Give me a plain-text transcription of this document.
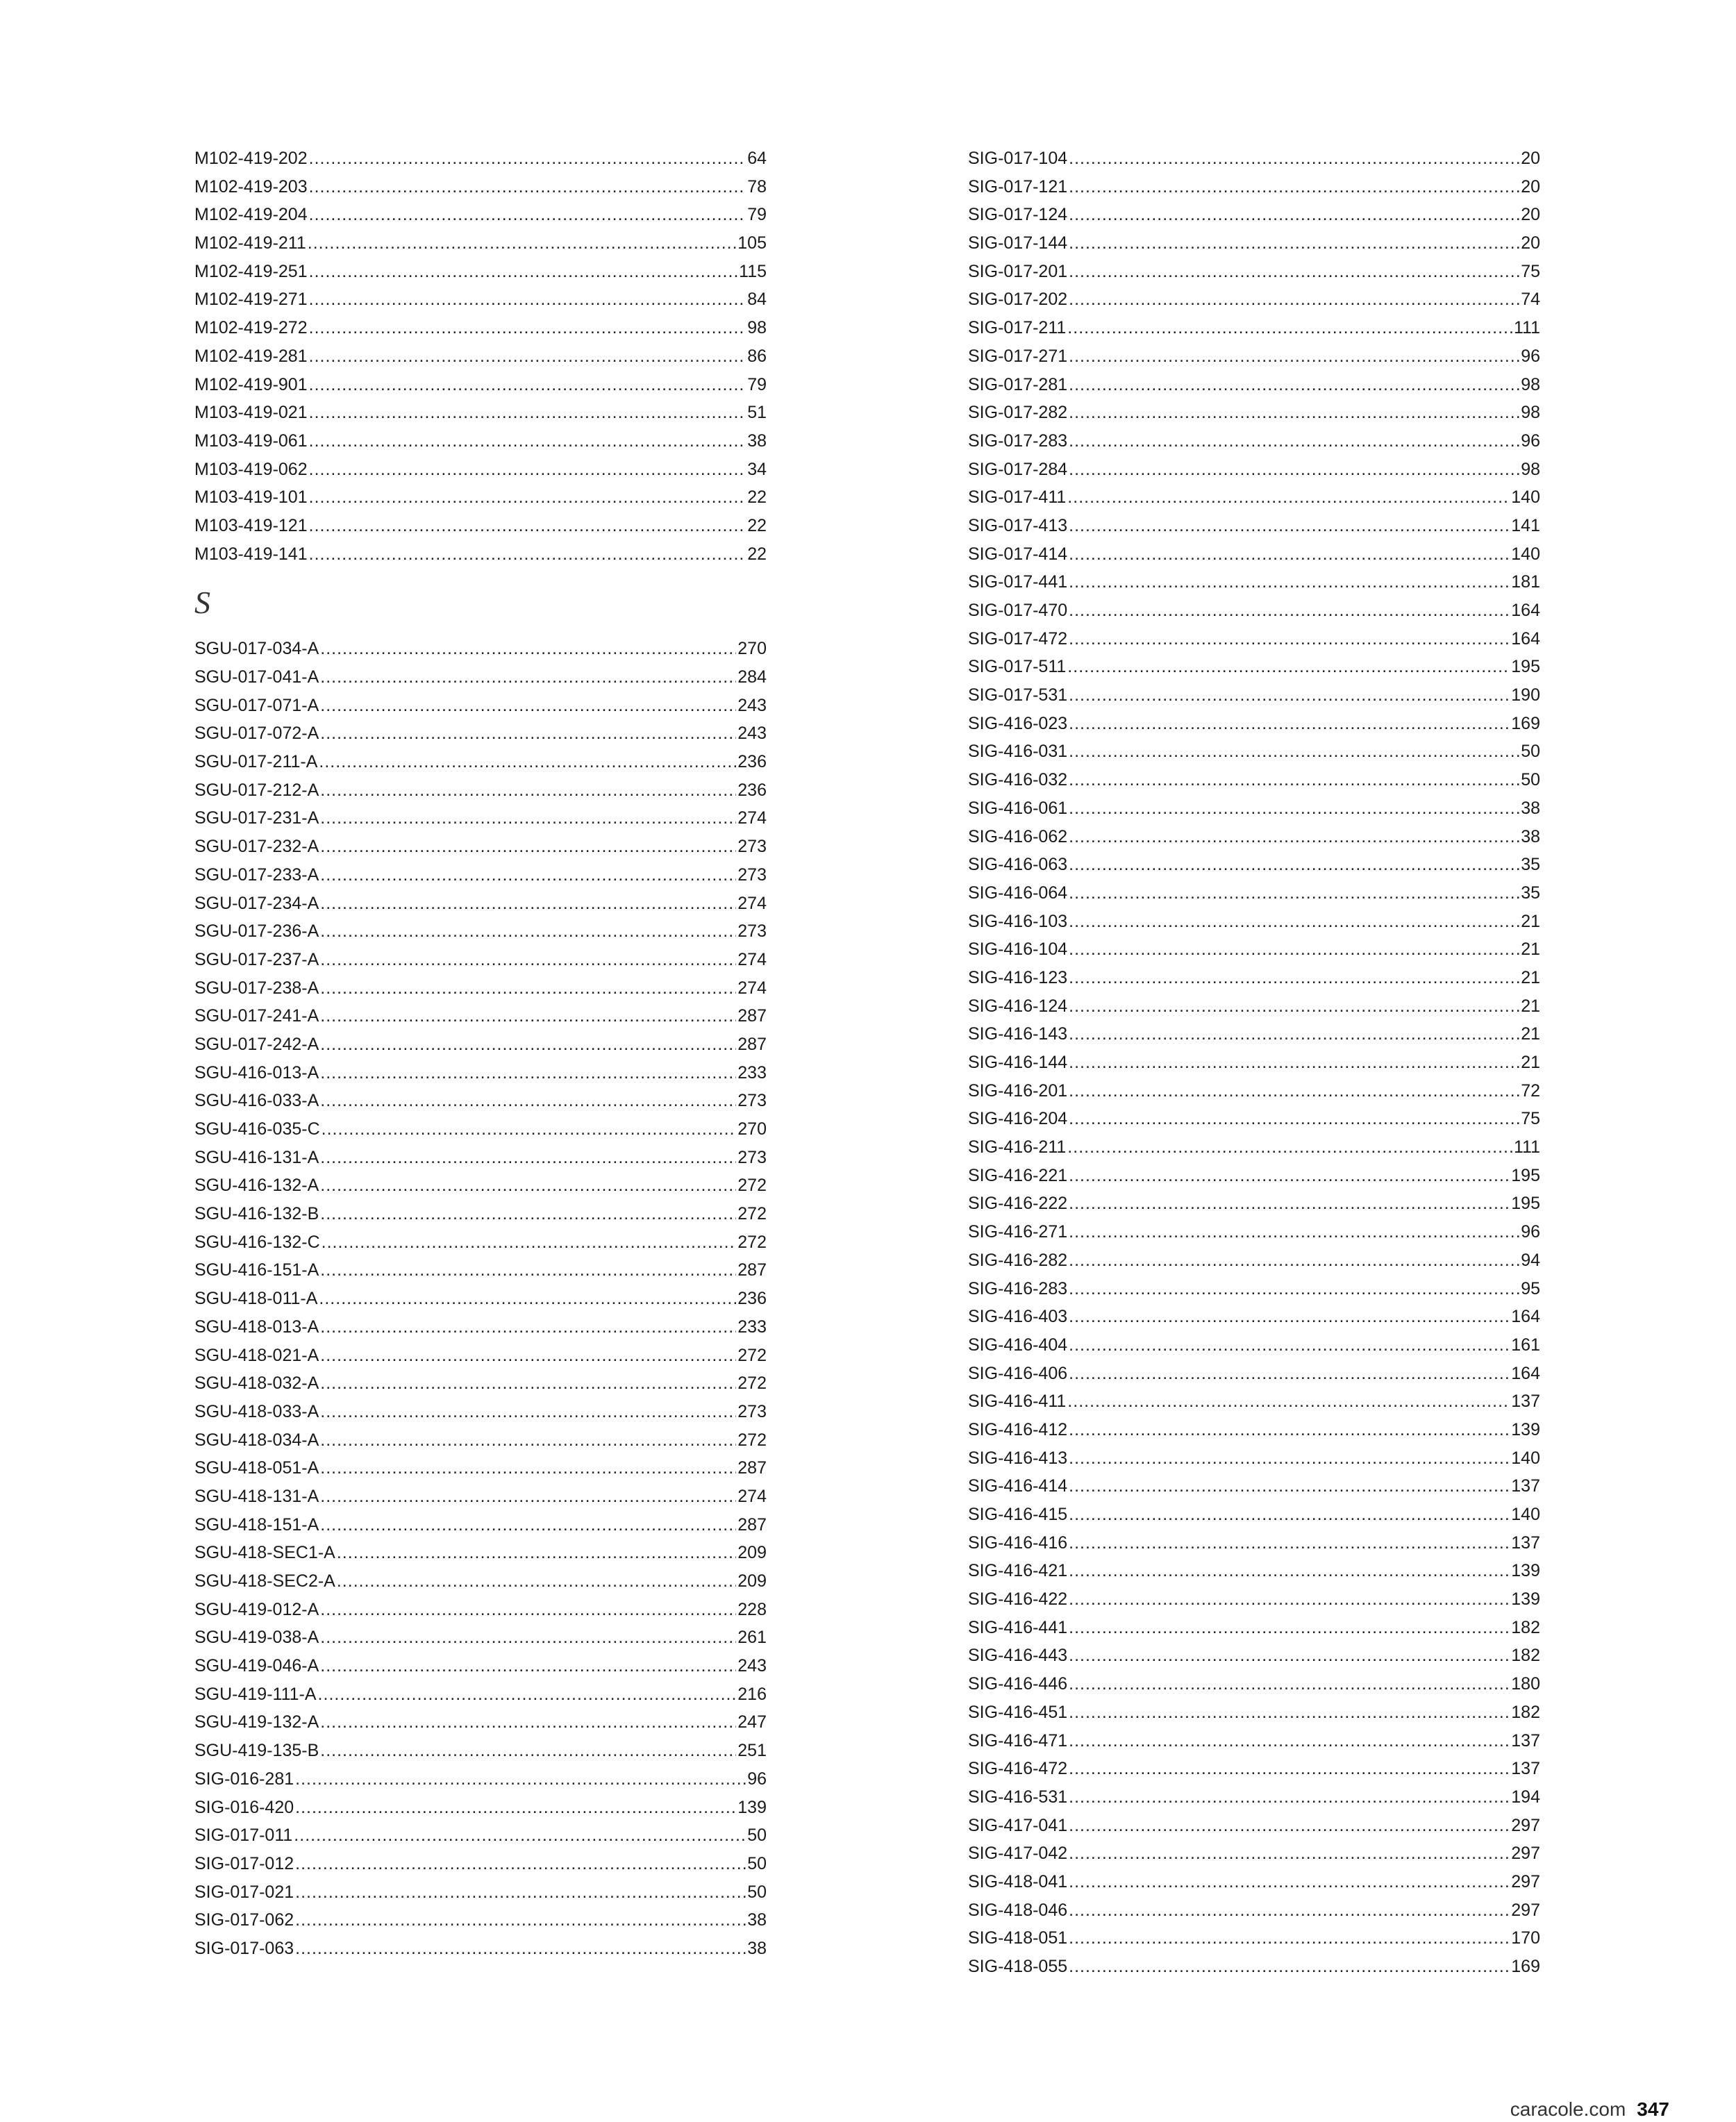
M102-419-202 .....	64
M102-419-203 .....	78
M102-419-204 .....	79
M102-419-211 .....	105
M102-419-251 .....	115
M102-419-271 .....	84
M102-419-272 .....	98
M102-419-281 .....	86
M102-419-901 .....	79
M103-419-021 .....	51
M103-419-061 .....	38
M103-419-062 .....	34
M103-419-101 .....	22
M103-419-121 .....	22
M103-419-141 .....	22
S
SGU-017-034-A .....	270
SGU-017-041-A .....	284
SGU-017-071-A .....	243
SGU-017-072-A .....	243
SGU-017-211-A .....	236
SGU-017-212-A .....	236
SGU-017-231-A .....	274
SGU-017-232-A .....	273
SGU-017-233-A .....	273
SGU-017-234-A .....	274
SGU-017-236-A .....	273
SGU-017-237-A .....	274
SGU-017-238-A .....	274
SGU-017-241-A .....	287
SGU-017-242-A .....	287
SGU-416-013-A .....	233
SGU-416-033-A .....	273
SGU-416-035-C .....	270
SGU-416-131-A .....	273
SGU-416-132-A .....	272
SGU-416-132-B .....	272
SGU-416-132-C .....	272
SGU-416-151-A .....	287
SGU-418-011-A .....	236
SGU-418-013-A .....	233
SGU-418-021-A .....	272
SGU-418-032-A .....	272
SGU-418-033-A .....	273
SGU-418-034-A .....	272
SGU-418-051-A .....	287
SGU-418-131-A .....	274
SGU-418-151-A .....	287
SGU-418-SEC1-A .....	209
SGU-418-SEC2-A .....	209
SGU-419-012-A .....	228
SGU-419-038-A .....	261
SGU-419-046-A .....	243
SGU-419-111-A .....	216
SGU-419-132-A .....	247
SGU-419-135-B .....	251
SIG-016-281 .....	96
SIG-016-420 .....	139
SIG-017-011 .....	50
SIG-017-012 .....	50
SIG-017-021 .....	50
SIG-017-062 .....	38
SIG-017-063 .....	38
SIG-017-104 .....	20
SIG-017-121 .....	20
SIG-017-124 .....	20
SIG-017-144 .....	20
SIG-017-201 .....	75
SIG-017-202 .....	74
SIG-017-211 .....	111
SIG-017-271 .....	96
SIG-017-281 .....	98
SIG-017-282 .....	98
SIG-017-283 .....	96
SIG-017-284 .....	98
SIG-017-411 .....	140
SIG-017-413 .....	141
SIG-017-414 .....	140
SIG-017-441 .....	181
SIG-017-470 .....	164
SIG-017-472 .....	164
SIG-017-511 .....	195
SIG-017-531 .....	190
SIG-416-023 .....	169
SIG-416-031 .....	50
SIG-416-032 .....	50
SIG-416-061 .....	38
SIG-416-062 .....	38
SIG-416-063 .....	35
SIG-416-064 .....	35
SIG-416-103 .....	21
SIG-416-104 .....	21
SIG-416-123 .....	21
SIG-416-124 .....	21
SIG-416-143 .....	21
SIG-416-144 .....	21
SIG-416-201 .....	72
SIG-416-204 .....	75
SIG-416-211 .....	111
SIG-416-221 .....	195
SIG-416-222 .....	195
SIG-416-271 .....	96
SIG-416-282 .....	94
SIG-416-283 .....	95
SIG-416-403 .....	164
SIG-416-404 .....	161
SIG-416-406 .....	164
SIG-416-411 .....	137
SIG-416-412 .....	139
SIG-416-413 .....	140
SIG-416-414 .....	137
SIG-416-415 .....	140
SIG-416-416 .....	137
SIG-416-421 .....	139
SIG-416-422 .....	139
SIG-416-441 .....	182
SIG-416-443 .....	182
SIG-416-446 .....	180
SIG-416-451 .....	182
SIG-416-471 .....	137
SIG-416-472 .....	137
SIG-416-531 .....	194
SIG-417-041 .....	297
SIG-417-042 .....	297
SIG-418-041 .....	297
SIG-418-046 .....	297
SIG-418-051 .....	170
SIG-418-055 .....	169
caracole.com 347
